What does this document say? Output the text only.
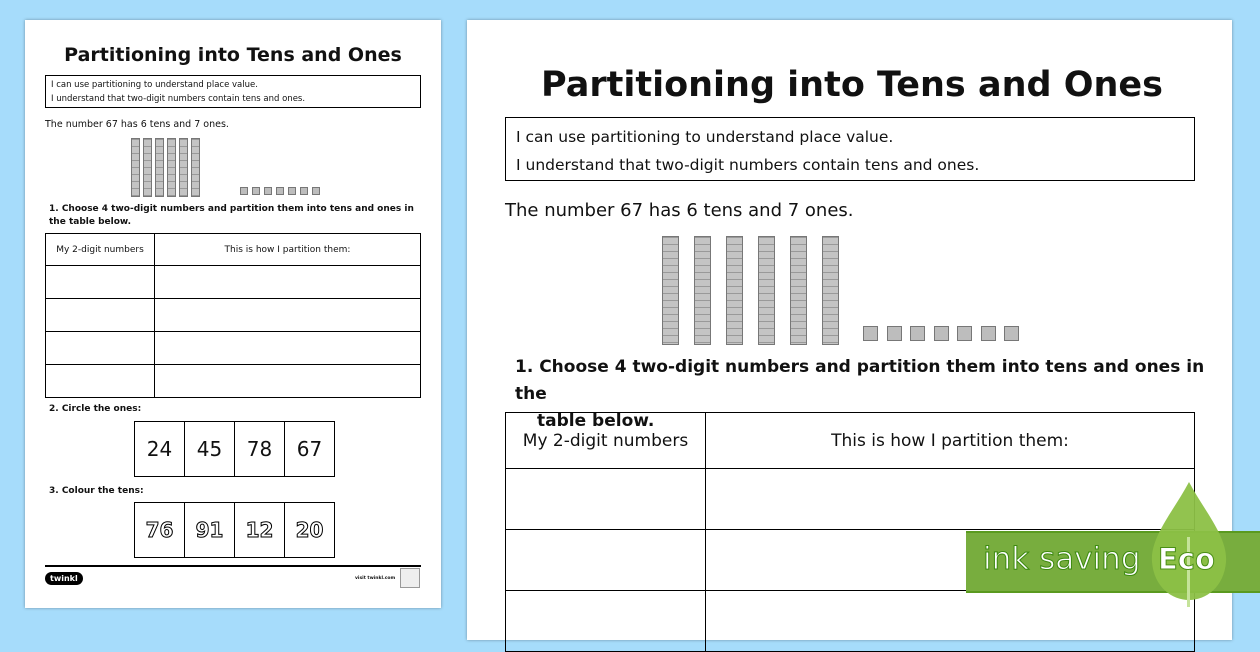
Partitioning into Tens and Ones
I can use partitioning to understand place value.
I understand that two-digit numbers contain tens and ones.
The number 67 has 6 tens and 7 ones.
1. Choose 4 two-digit numbers and partition them into tens and ones in the table below.
My 2-digit numbers	This is how I partition them:

2. Circle the ones:
24	45	78	67
3. Colour the tens:
76	91	12	20
twinkl	visit twinkl.com
Partitioning into Tens and Ones
I can use partitioning to understand place value.
I understand that two-digit numbers contain tens and ones.
The number 67 has 6 tens and 7 ones.
1. Choose 4 two-digit numbers and partition them into tens and ones in the
table below.
My 2-digit numbers	This is how I partition them:

ink saving Eco
